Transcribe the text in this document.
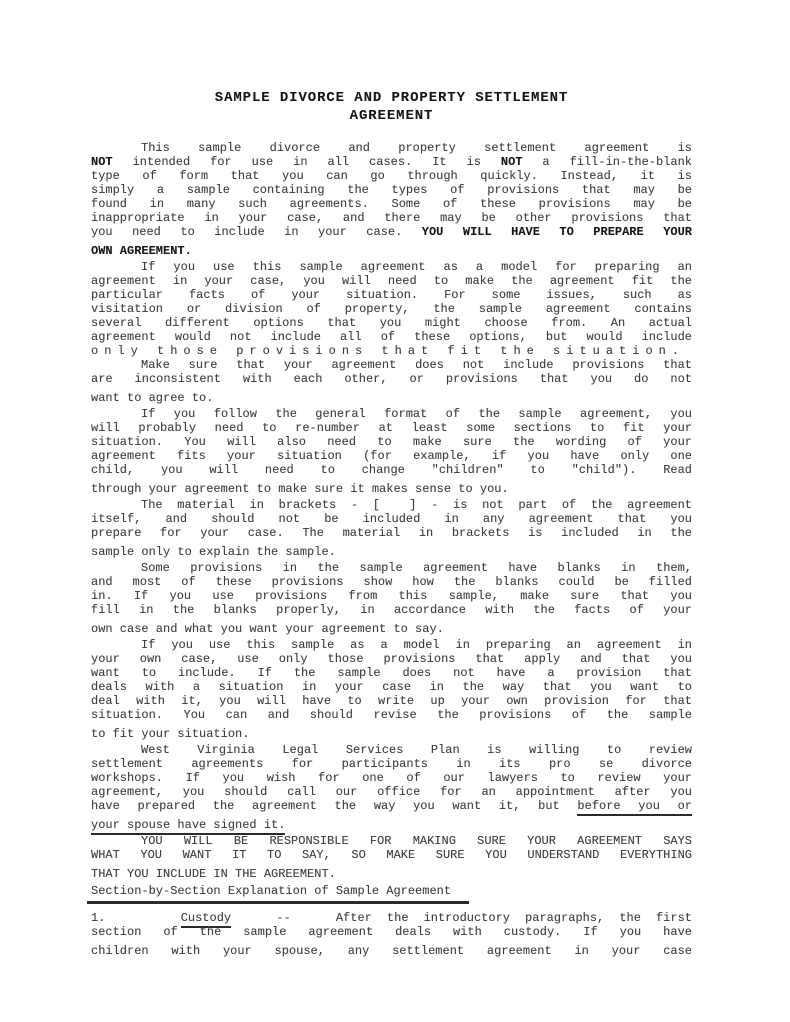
SAMPLE DIVORCE AND PROPERTY SETTLEMENT
AGREEMENT
This sample divorce and property settlement agreement is
NOT intended for use in all cases. It is NOT a fill-in-the-blank
type of form that you can go through quickly. Instead, it is
simply a sample containing the types of provisions that may be
found in many such agreements. Some of these provisions may be
inappropriate in your case, and there may be other provisions that
you need to include in your case. YOU WILL HAVE TO PREPARE YOUR
OWN AGREEMENT.
If you use this sample agreement as a model for preparing an
agreement in your case, you will need to make the agreement fit the
particular facts of your situation. For some issues, such as
visitation or division of property, the sample agreement contains
several different options that you might choose from. An actual
agreement would not include all of these options, but would include
only those provisions that fit the situation.
Make sure that your agreement does not include provisions that
are inconsistent with each other, or provisions that you do not
want to agree to.
If you follow the general format of the sample agreement, you
will probably need to re-number at least some sections to fit your
situation. You will also need to make sure the wording of your
agreement fits your situation (for example, if you have only one
child, you will need to change "children" to "child"). Read
through your agreement to make sure it makes sense to you.
The material in brackets - [  ] - is not part of the agreement
itself, and should not be included in any agreement that you
prepare for your case. The material in brackets is included in the
sample only to explain the sample.
Some provisions in the sample agreement have blanks in them,
and most of these provisions show how the blanks could be filled
in. If you use provisions from this sample, make sure that you
fill in the blanks properly, in accordance with the facts of your
own case and what you want your agreement to say.
If you use this sample as a model in preparing an agreement in
your own case, use only those provisions that apply and that you
want to include. If the sample does not have a provision that
deals with a situation in your case in the way that you want to
deal with it, you will have to write up your own provision for that
situation. You can and should revise the provisions of the sample
to fit your situation.
West Virginia Legal Services Plan is willing to review
settlement agreements for participants in its pro se divorce
workshops. If you wish for one of our lawyers to review your
agreement, you should call our office for an appointment after you
have prepared the agreement the way you want it, but before you or
your spouse have signed it.
YOU WILL BE RESPONSIBLE FOR MAKING SURE YOUR AGREEMENT SAYS
WHAT YOU WANT IT TO SAY, SO MAKE SURE YOU UNDERSTAND EVERYTHING
THAT YOU INCLUDE IN THE AGREEMENT.
Section-by-Section Explanation of Sample Agreement
1.     Custody   --   After the introductory paragraphs, the first
section of the sample agreement deals with custody. If you have
children with your spouse, any settlement agreement in your case
